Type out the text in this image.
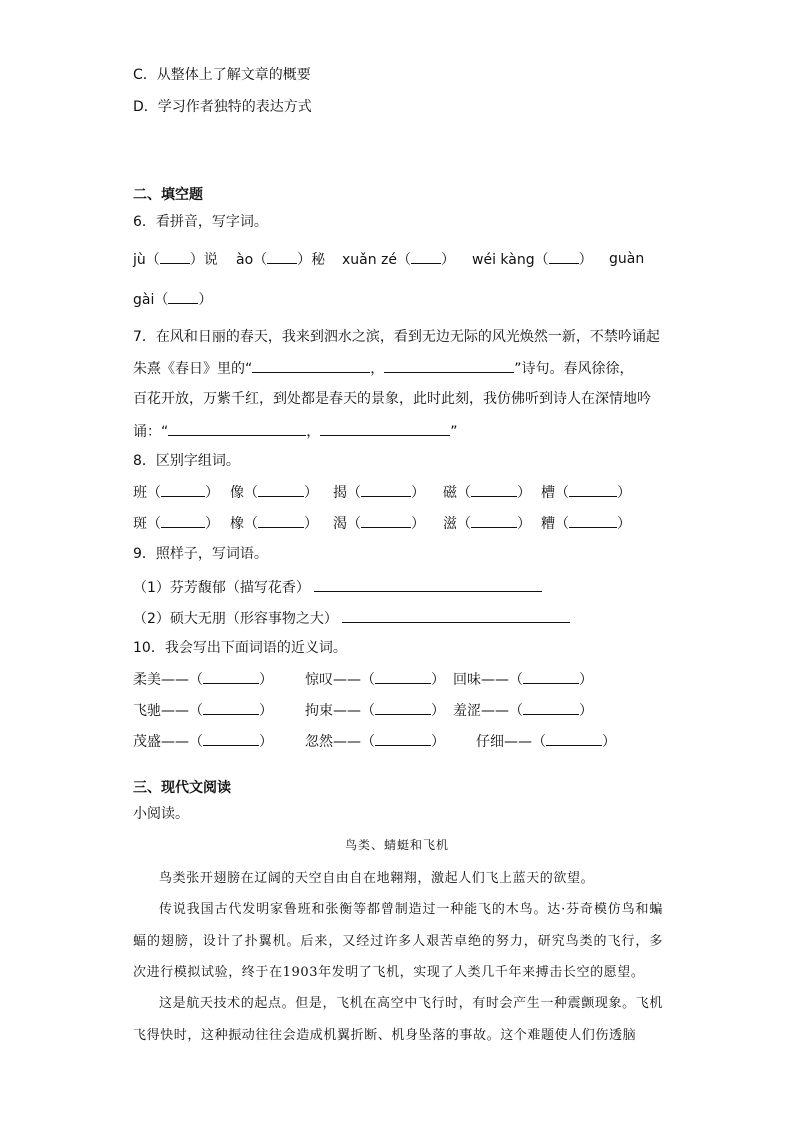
C．从整体上了解文章的概要
D．学习作者独特的表达方式
二、填空题
6．看拼音，写字词。
jù（ ）说 ào（ ）秘 xuǎn zé（ ） wéi kàng（ ） guàn
gài（ ）
7．在风和日丽的春天，我来到泗水之滨，看到无边无际的风光焕然一新，不禁吟诵起
朱熹《春日》里的“	，	”诗句。春风徐徐，
百花开放，万紫千红，到处都是春天的景象，此时此刻，我仿佛听到诗人在深情地吟
诵：“	，	”
8．区别字组词。
班（	） 像（	） 揭（	） 磁（	） 槽（	）
斑（	） 橡（	） 渴（	） 滋（	） 糟（	）
9．照样子，写词语。
（1）芬芳馥郁（描写花香）
（2）硕大无朋（形容事物之大）
10．我会写出下面词语的近义词。
柔美——（	） 惊叹——（	） 回味——（	）
飞驰——（	） 拘束——（	） 羞涩——（	）
茂盛——（	） 忽然——（	） 仔细——（	）
三、现代文阅读
小阅读。
鸟类、蜻蜓和飞机
鸟类张开翅膀在辽阔的天空自由自在地翱翔，激起人们飞上蓝天的欲望。
传说我国古代发明家鲁班和张衡等都曾制造过一种能飞的木鸟。达·芬奇模仿鸟和蝙蝠的翅膀，设计了扑翼机。后来，又经过许多人艰苦卓绝的努力，研究鸟类的飞行，多次进行模拟试验，终于在1903年发明了飞机，实现了人类几千年来搏击长空的愿望。
这是航天技术的起点。但是，飞机在高空中飞行时，有时会产生一种震颤现象。飞机飞得快时，这种振动往往会造成机翼折断、机身坠落的事故。这个难题使人们伤透脑
